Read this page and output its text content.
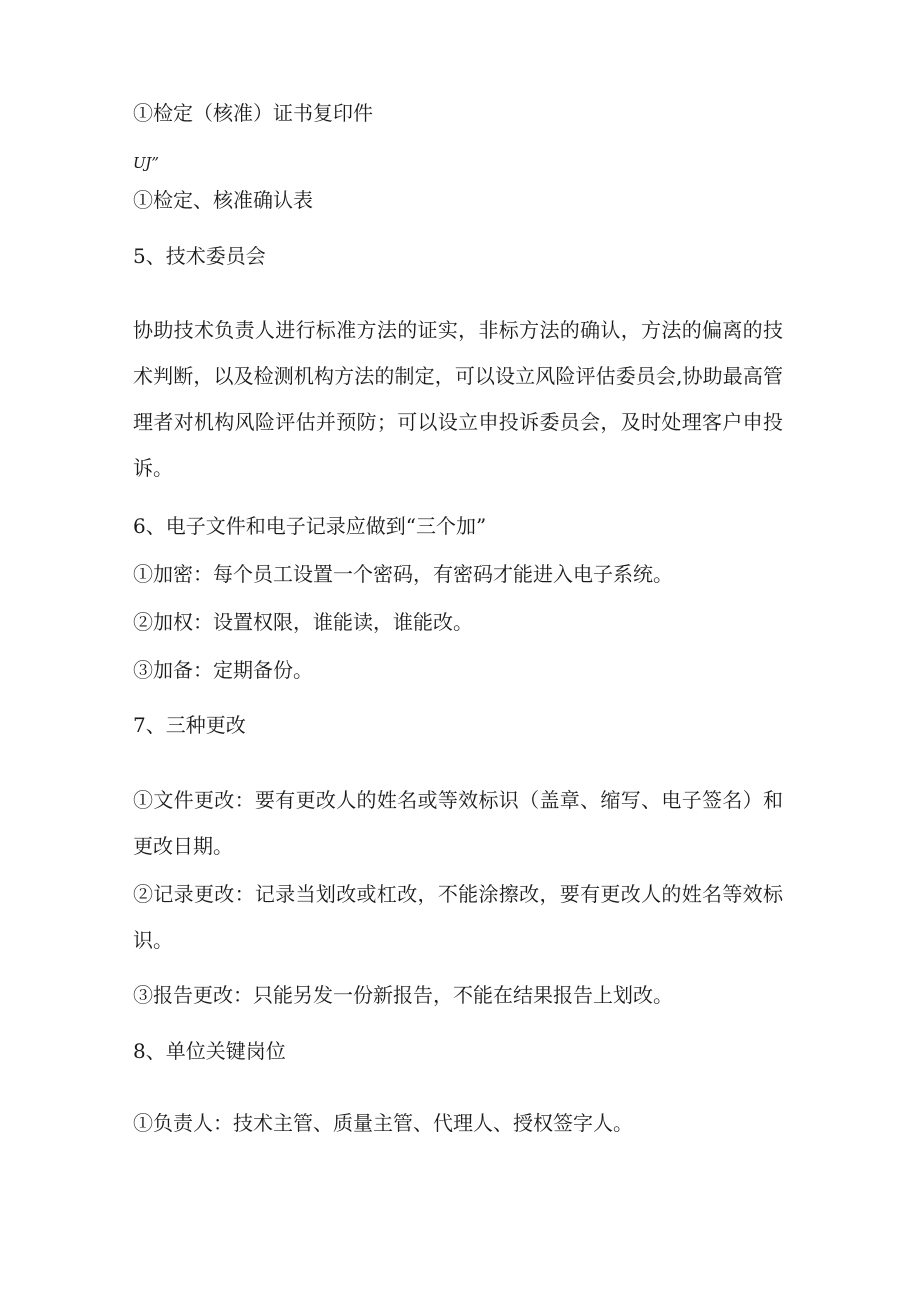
①检定（核准）证书复印件

UJ”

①检定、核准确认表

5、技术委员会

协助技术负责人进行标准方法的证实，非标方法的确认，方法的偏离的技术判断，以及检测机构方法的制定，可以设立风险评估委员会,协助最高管理者对机构风险评估并预防；可以设立申投诉委员会，及时处理客户申投诉。

6、电子文件和电子记录应做到“三个加”

①加密：每个员工设置一个密码，有密码才能进入电子系统。

②加权：设置权限，谁能读，谁能改。

③加备：定期备份。

7、三种更改

①文件更改：要有更改人的姓名或等效标识（盖章、缩写、电子签名）和更改日期。

②记录更改：记录当划改或杠改，不能涂擦改，要有更改人的姓名等效标识。

③报告更改：只能另发一份新报告，不能在结果报告上划改。

8、单位关键岗位

①负责人：技术主管、质量主管、代理人、授权签字人。
